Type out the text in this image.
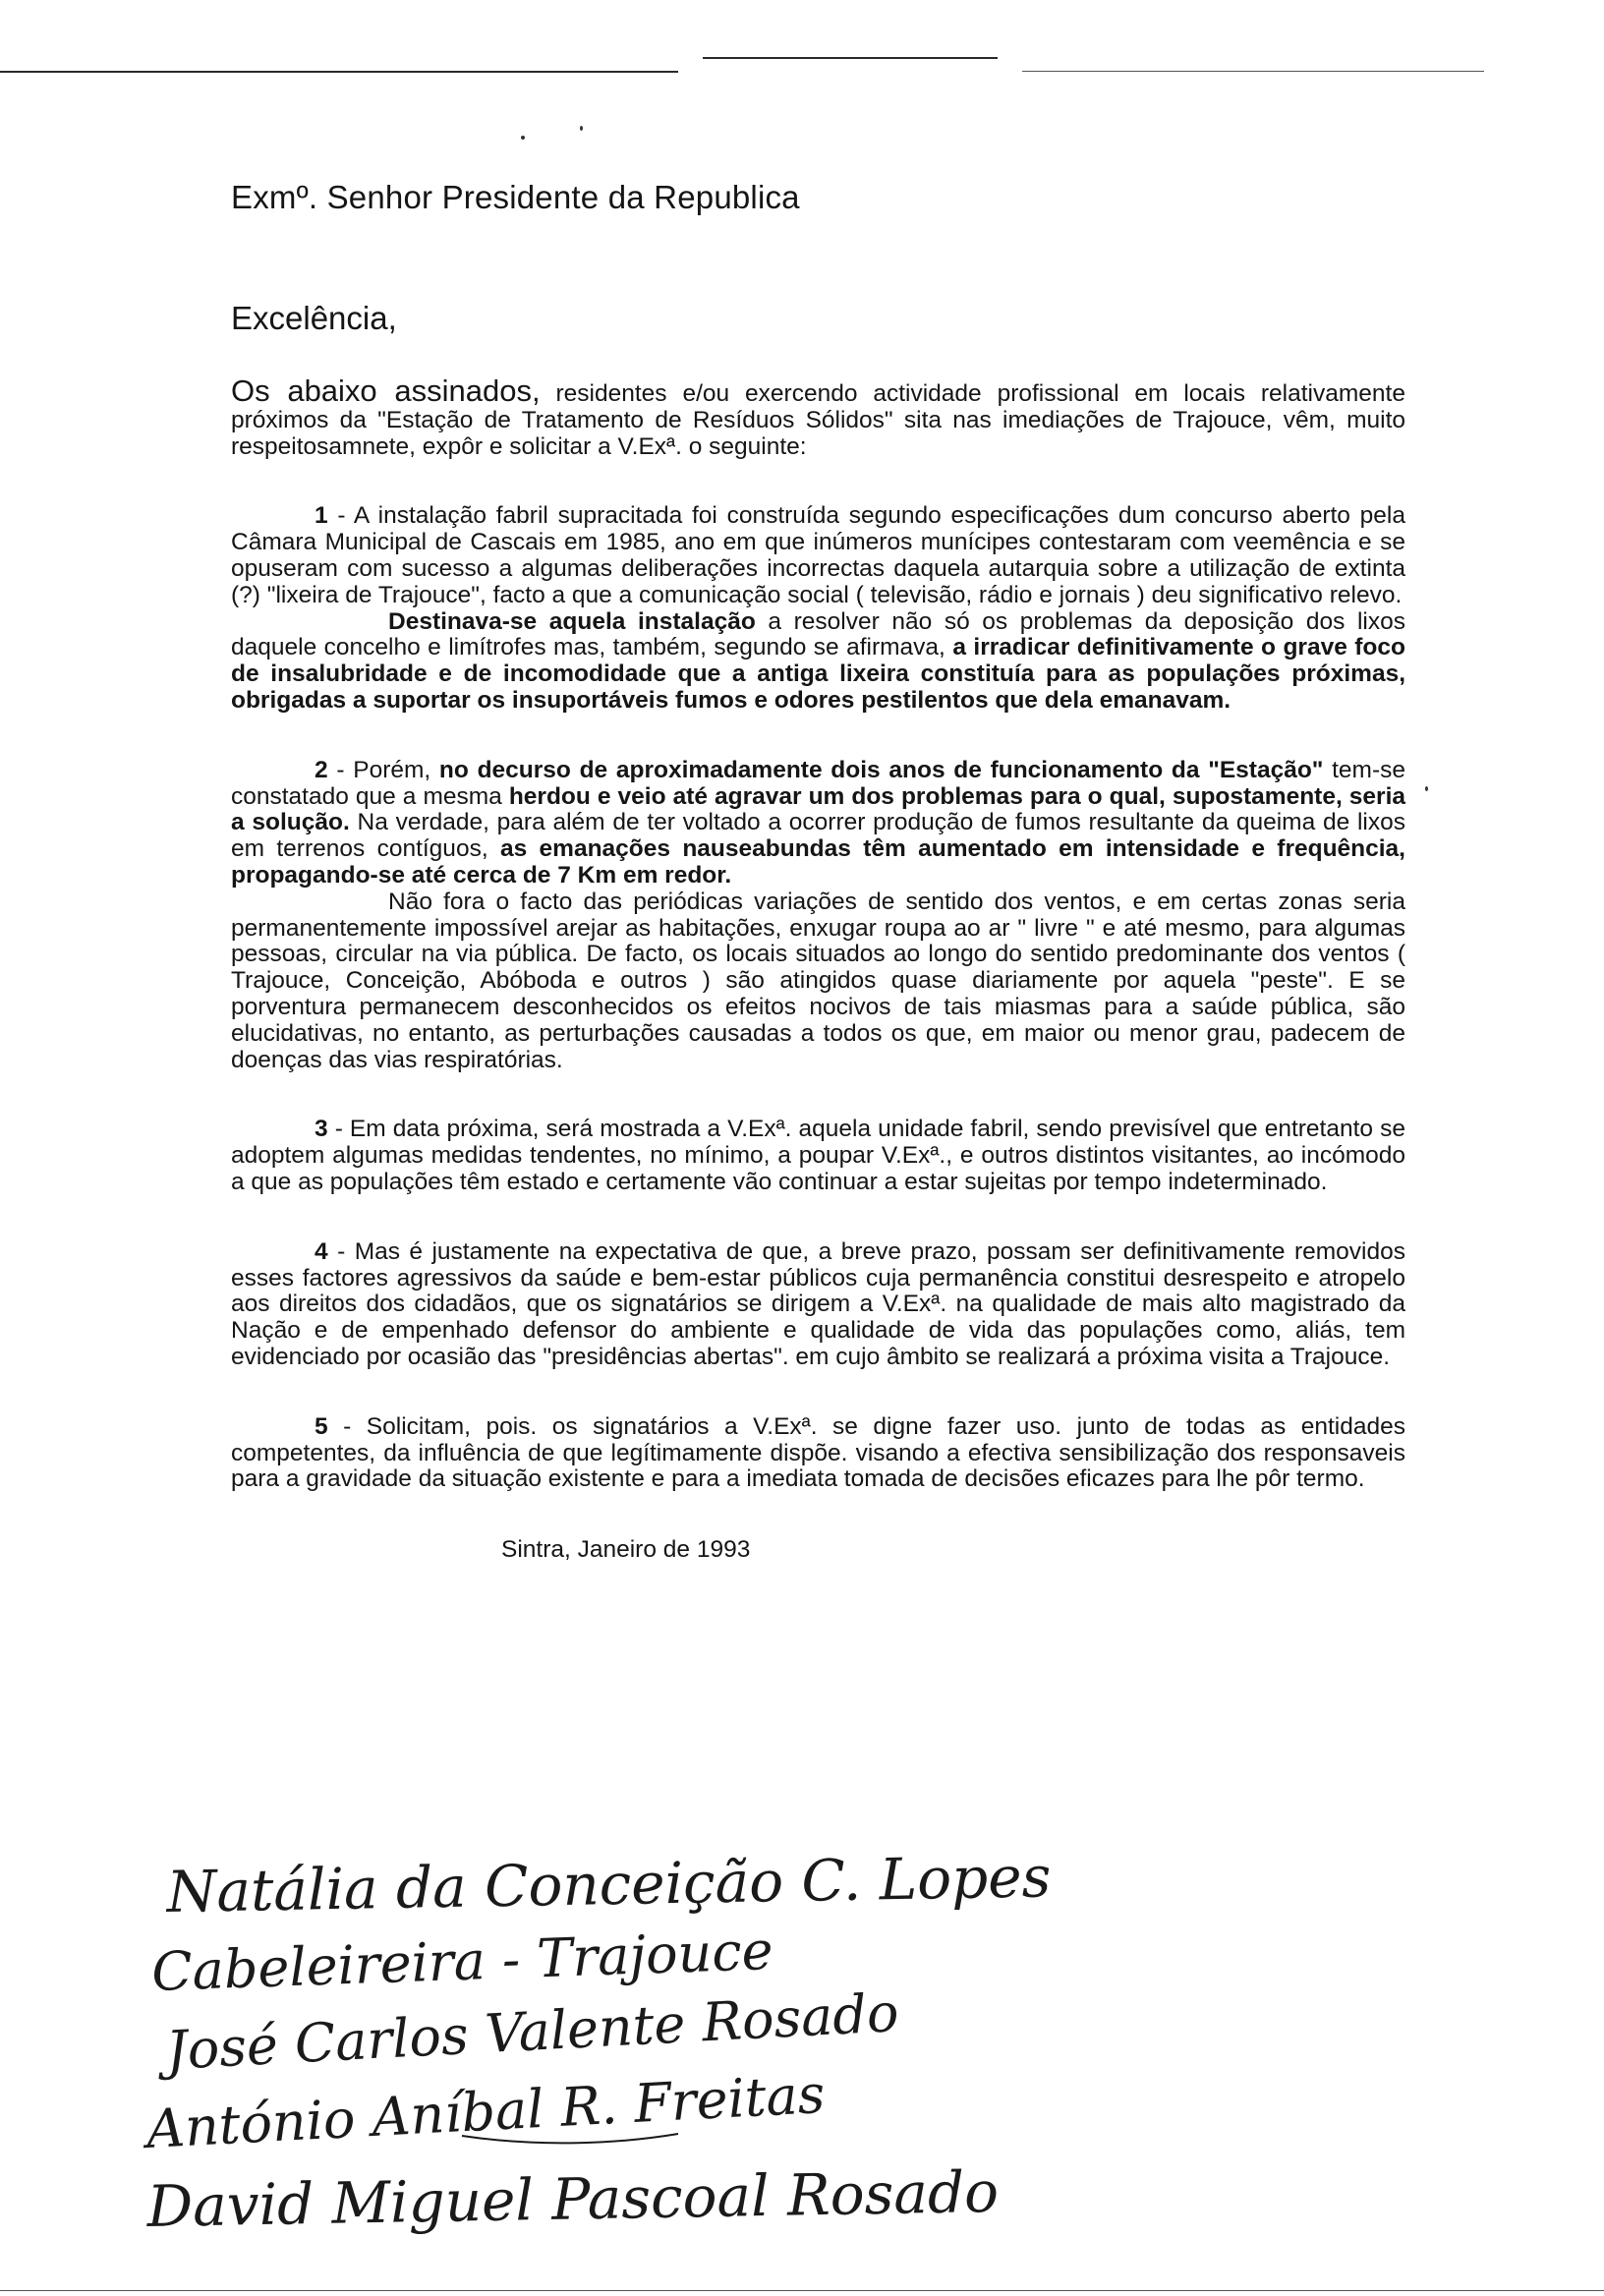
Exmº. Senhor Presidente da Republica
Excelência,

Os abaixo assinados, residentes e/ou exercendo actividade profissional em locais relativamente próximos da "Estação de Tratamento de Resíduos Sólidos" sita nas imediações de Trajouce, vêm, muito respeitosamnete, expôr e solicitar a V.Exª. o seguinte:

1 - A instalação fabril supracitada foi construída segundo especificações dum concurso aberto pela Câmara Municipal de Cascais em 1985, ano em que inúmeros munícipes contestaram com veemência e se opuseram com sucesso a algumas deliberações incorrectas daquela autarquia sobre a utilização de extinta (?) "lixeira de Trajouce", facto a que a comunicação social ( televisão, rádio e jornais ) deu significativo relevo.

Destinava-se aquela instalação a resolver não só os problemas da deposição dos lixos daquele concelho e limítrofes mas, também, segundo se afirmava, a irradicar definitivamente o grave foco de insalubridade e de incomodidade que a antiga lixeira constituía para as populações próximas, obrigadas a suportar os insuportáveis fumos e odores pestilentos que dela emanavam.

2 - Porém, no decurso de aproximadamente dois anos de funcionamento da "Estação" tem-se constatado que a mesma herdou e veio até agravar um dos problemas para o qual, supostamente, seria a solução. Na verdade, para além de ter voltado a ocorrer produção de fumos resultante da queima de lixos em terrenos contíguos, as emanações nauseabundas têm aumentado em intensidade e frequência, propagando-se até cerca de 7 Km em redor.

Não fora o facto das periódicas variações de sentido dos ventos, e em certas zonas seria permanentemente impossível arejar as habitações, enxugar roupa ao ar " livre " e até mesmo, para algumas pessoas, circular na via pública. De facto, os locais situados ao longo do sentido predominante dos ventos ( Trajouce, Conceição, Abóboda e outros ) são atingidos quase diariamente por aquela "peste". E se porventura permanecem desconhecidos os efeitos nocivos de tais miasmas para a saúde pública, são elucidativas, no entanto, as perturbações causadas a todos os que, em maior ou menor grau, padecem de doenças das vias respiratórias.

3 - Em data próxima, será mostrada a V.Exª. aquela unidade fabril, sendo previsível que entretanto se adoptem algumas medidas tendentes, no mínimo, a poupar V.Exª., e outros distintos visitantes, ao incómodo a que as populações têm estado e certamente vão continuar a estar sujeitas por tempo indeterminado.

4 - Mas é justamente na expectativa de que, a breve prazo, possam ser definitivamente removidos esses factores agressivos da saúde e bem-estar públicos cuja permanência constitui desrespeito e atropelo aos direitos dos cidadãos, que os signatários se dirigem a V.Exª. na qualidade de mais alto magistrado da Nação e de empenhado defensor do ambiente e qualidade de vida das populações como, aliás, tem evidenciado por ocasião das "presidências abertas". em cujo âmbito se realizará a próxima visita a Trajouce.

5 - Solicitam, pois. os signatários a V.Exª. se digne fazer uso. junto de todas as entidades competentes, da influência de que legítimamente dispõe. visando a efectiva sensibilização dos responsaveis para a gravidade da situação existente e para a imediata tomada de decisões eficazes para lhe pôr termo.

Sintra, Janeiro de 1993
Natália da Conceição C. Lopes
Cabeleireira - Trajouce
José Carlos Valente Rosado
António Aníbal R. Freitas
David Miguel Pascoal Rosado
